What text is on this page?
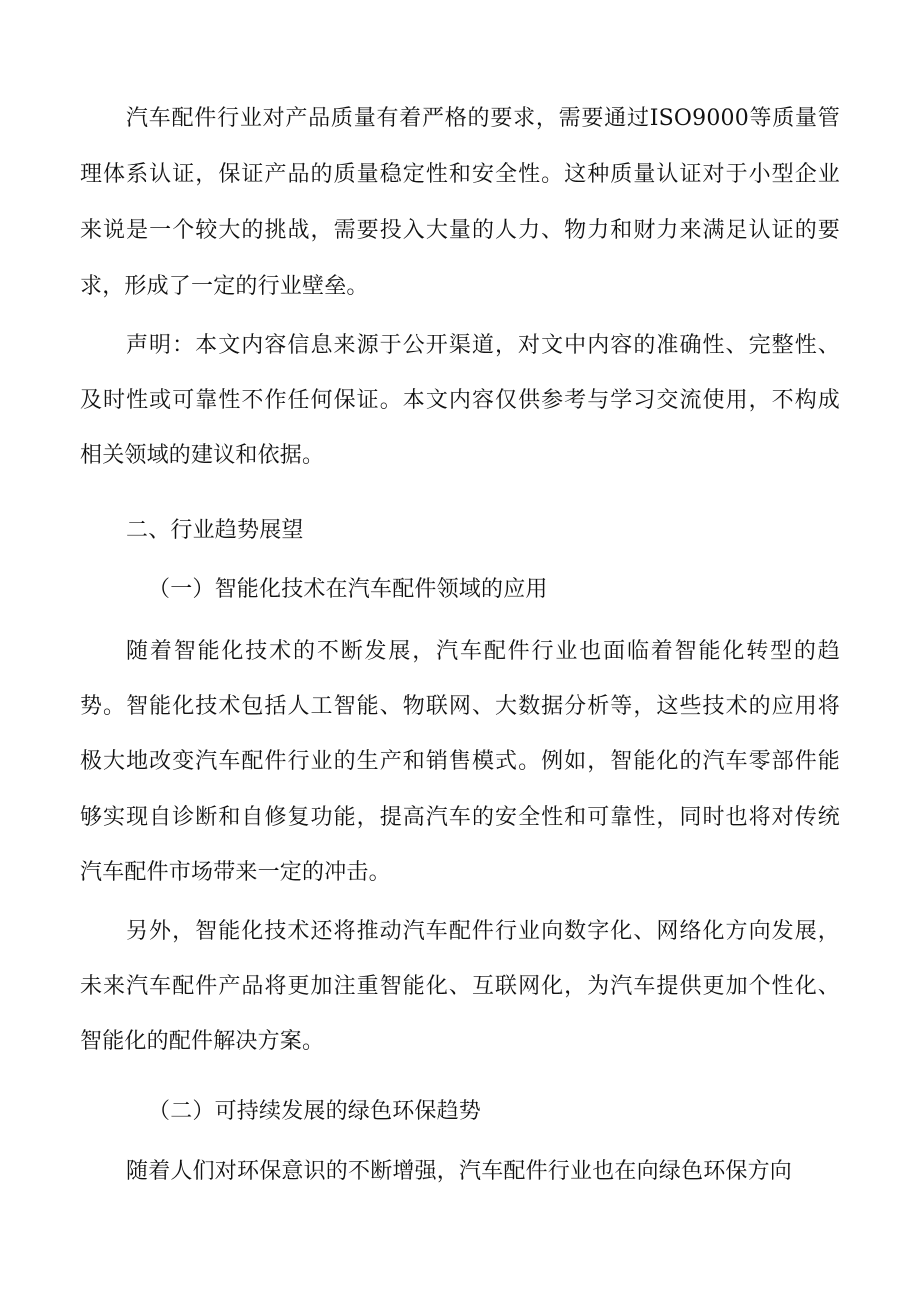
汽车配件行业对产品质量有着严格的要求，需要通过ISO9000等质量管
理体系认证，保证产品的质量稳定性和安全性。这种质量认证对于小型企业
来说是一个较大的挑战，需要投入大量的人力、物力和财力来满足认证的要
求，形成了一定的行业壁垒。
声明：本文内容信息来源于公开渠道，对文中内容的准确性、完整性、
及时性或可靠性不作任何保证。本文内容仅供参考与学习交流使用，不构成
相关领域的建议和依据。
二、行业趋势展望
（一）智能化技术在汽车配件领域的应用
随着智能化技术的不断发展，汽车配件行业也面临着智能化转型的趋
势。智能化技术包括人工智能、物联网、大数据分析等，这些技术的应用将
极大地改变汽车配件行业的生产和销售模式。例如，智能化的汽车零部件能
够实现自诊断和自修复功能，提高汽车的安全性和可靠性，同时也将对传统
汽车配件市场带来一定的冲击。
另外，智能化技术还将推动汽车配件行业向数字化、网络化方向发展，
未来汽车配件产品将更加注重智能化、互联网化，为汽车提供更加个性化、
智能化的配件解决方案。
（二）可持续发展的绿色环保趋势
随着人们对环保意识的不断增强，汽车配件行业也在向绿色环保方向
